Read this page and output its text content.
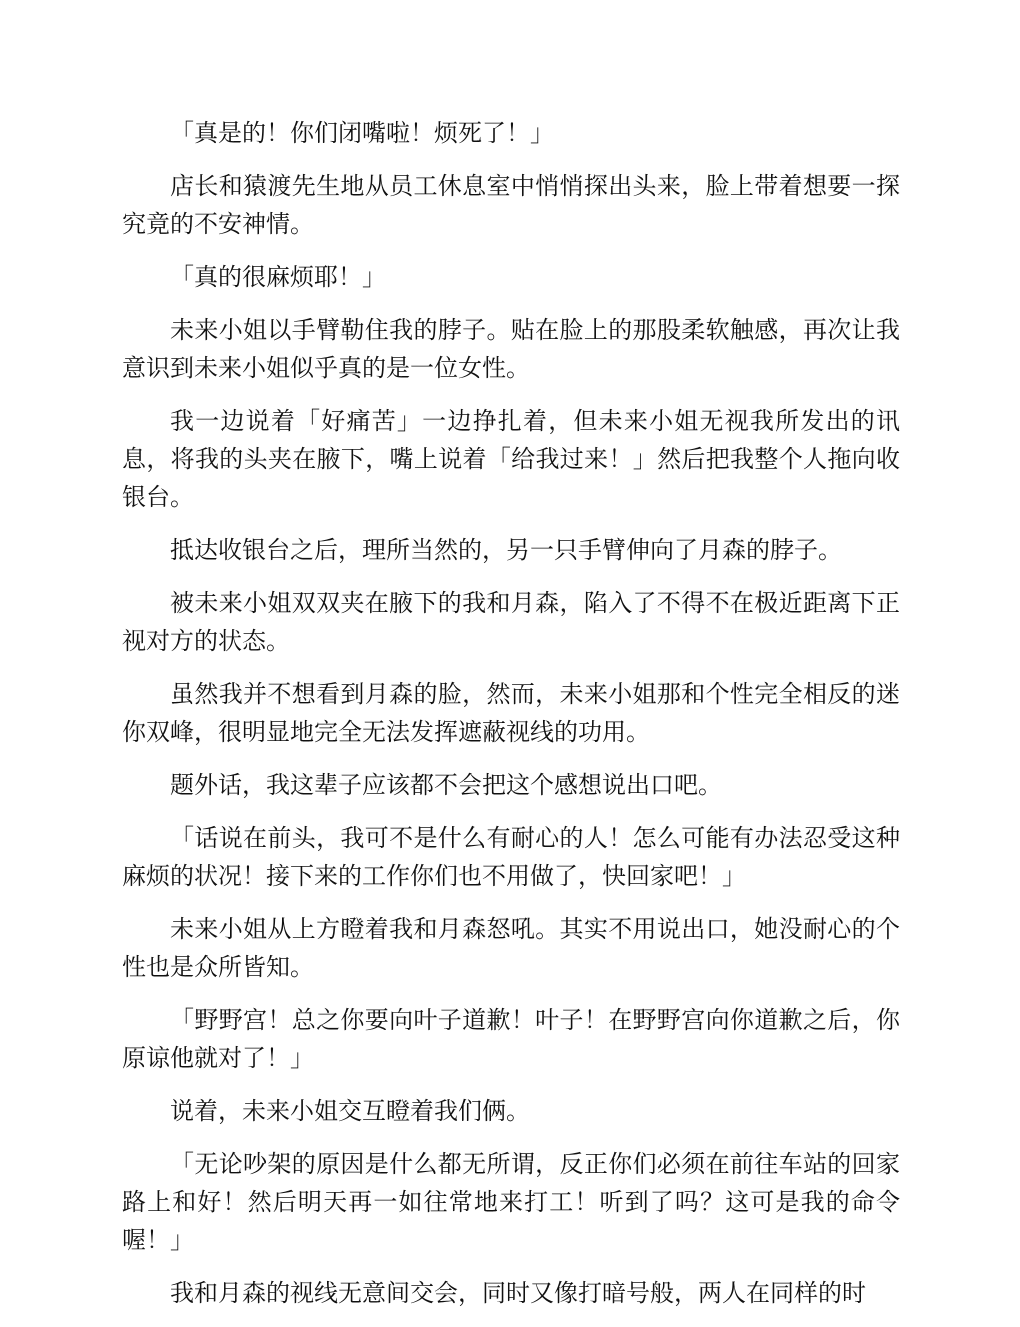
「真是的！你们闭嘴啦！烦死了！」

店长和猿渡先生地从员工休息室中悄悄探出头来，脸上带着想要一探究竟的不安神情。

「真的很麻烦耶！」

未来小姐以手臂勒住我的脖子。贴在脸上的那股柔软触感，再次让我意识到未来小姐似乎真的是一位女性。

我一边说着「好痛苦」一边挣扎着，但未来小姐无视我所发出的讯息，将我的头夹在腋下，嘴上说着「给我过来！」然后把我整个人拖向收银台。

抵达收银台之后，理所当然的，另一只手臂伸向了月森的脖子。

被未来小姐双双夹在腋下的我和月森，陷入了不得不在极近距离下正视对方的状态。

虽然我并不想看到月森的脸，然而，未来小姐那和个性完全相反的迷你双峰，很明显地完全无法发挥遮蔽视线的功用。

题外话，我这辈子应该都不会把这个感想说出口吧。

「话说在前头，我可不是什么有耐心的人！怎么可能有办法忍受这种麻烦的状况！接下来的工作你们也不用做了，快回家吧！」

未来小姐从上方瞪着我和月森怒吼。其实不用说出口，她没耐心的个性也是众所皆知。

「野野宫！总之你要向叶子道歉！叶子！在野野宫向你道歉之后，你原谅他就对了！」

说着，未来小姐交互瞪着我们俩。

「无论吵架的原因是什么都无所谓，反正你们必须在前往车站的回家路上和好！然后明天再一如往常地来打工！听到了吗？这可是我的命令喔！」

我和月森的视线无意间交会，同时又像打暗号般，两人在同样的时
